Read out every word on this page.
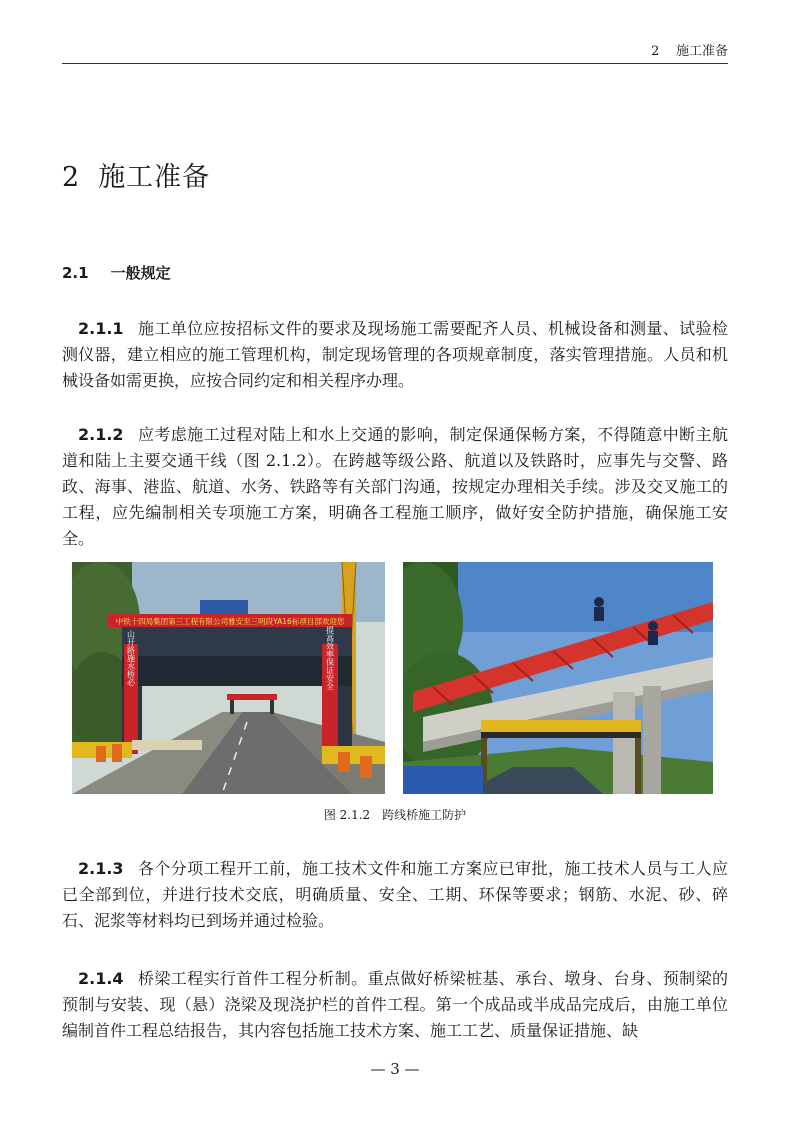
2 施工准备
2 施工准备
2.1 一般规定
2.1.1 施工单位应按招标文件的要求及现场施工需要配齐人员、机械设备和测量、试验检测仪器，建立相应的施工管理机构，制定现场管理的各项规章制度，落实管理措施。人员和机械设备如需更换，应按合同约定和相关程序办理。
2.1.2 应考虑施工过程对陆上和水上交通的影响，制定保通保畅方案，不得随意中断主航道和陆上主要交通干线（图 2.1.2）。在跨越等级公路、航道以及铁路时，应事先与交警、路政、海事、港监、航道、水务、铁路等有关部门沟通，按规定办理相关手续。涉及交叉施工的工程，应先编制相关专项施工方案，明确各工程施工顺序，做好安全防护措施，确保施工安全。
中铁十四局集团第三工程有限公司雅安至三明段YA16标项目部欢迎您
山开路施水桥必	提高效率保证安全
图 2.1.2 跨线桥施工防护
2.1.3 各个分项工程开工前，施工技术文件和施工方案应已审批，施工技术人员与工人应已全部到位，并进行技术交底，明确质量、安全、工期、环保等要求；钢筋、水泥、砂、碎石、泥浆等材料均已到场并通过检验。
2.1.4 桥梁工程实行首件工程分析制。重点做好桥梁桩基、承台、墩身、台身、预制梁的预制与安装、现（悬）浇梁及现浇护栏的首件工程。第一个成品或半成品完成后，由施工单位编制首件工程总结报告，其内容包括施工技术方案、施工工艺、质量保证措施、缺
— 3 —
